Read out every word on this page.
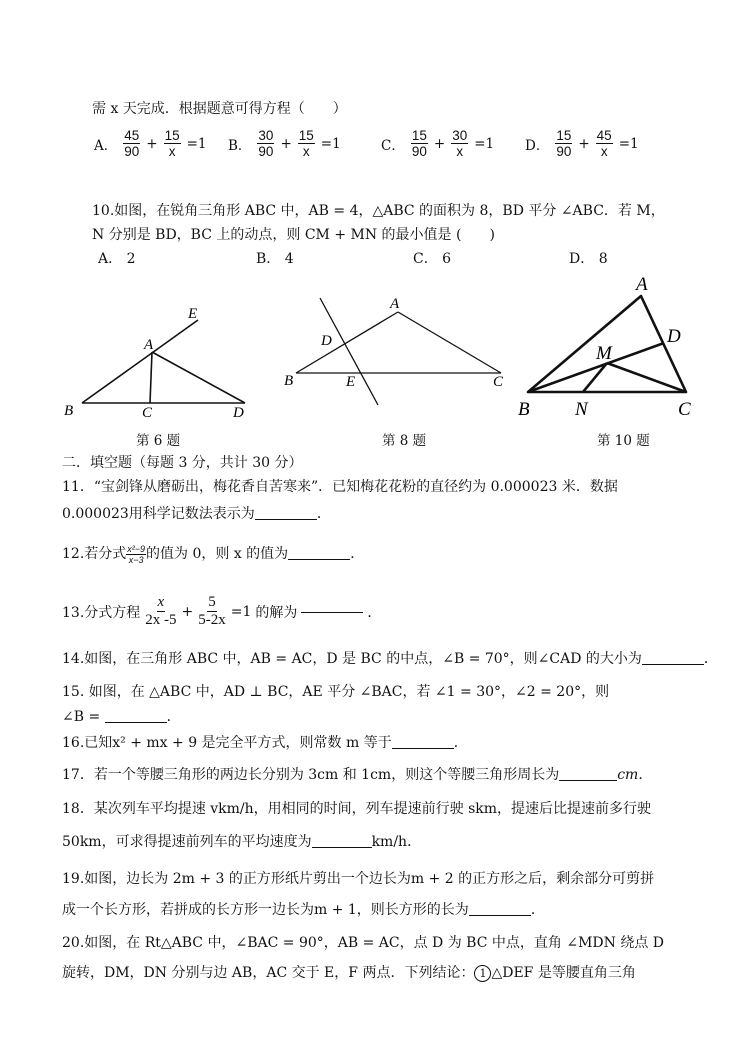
需 x 天完成．根据题意可得方程（　　）
A． $\frac{45}{90} + \frac{15}{x} =1$ B． $\frac{30}{90} + \frac{15}{x} =1$	C． $\frac{15}{90} + \frac{30}{x} =1$ D． $\frac{15}{90} + \frac{45}{x} =1$
10.如图，在锐角三角形 ABC 中，AB = 4，△ABC 的面积为 8，BD 平分 ∠ABC．若 M，
N 分别是 BD，BC 上的动点，则 CM + MN 的最小值是 (　　)
A． 2	B． 4	C． 6	D． 8
E
A
B	C	D
A
D
B	E	C
A
D
M
B N	C
第 6 题	第 8 题	第 10 题
二．填空题（每题 3 分，共计 30 分）
11．“宝剑锋从磨砺出，梅花香自苦寒来”．已知梅花花粉的直径约为 0.000023 米．数据
0.000023用科学记数法表示为	．
12.若分式 $\frac{\text{x²−9}}{x-3}$ 的值为 0，则 x 的值为	．
13.分式方程 $\frac{x}{2x -5} + \frac{5}{5-2x} =1$ 的解为	．
14.如图，在三角形 ABC 中，AB = AC，D 是 BC 的中点，∠B = 70°，则∠CAD 的大小为	．
15. 如图，在 △ABC 中，AD ⊥ BC，AE 平分 ∠BAC，若 ∠1 = 30°，∠2 = 20°，则
∠B =	．
16.已知x² + mx + 9 是完全平方式，则常数 m 等于	．
17．若一个等腰三角形的两边长分别为 3cm 和 1cm，则这个等腰三角形周长为	cm.
18．某次列车平均提速 vkm/h，用相同的时间，列车提速前行驶 skm，提速后比提速前多行驶
50km，可求得提速前列车的平均速度为	km/h．
19.如图，边长为 2m + 3 的正方形纸片剪出一个边长为m + 2 的正方形之后，剩余部分可剪拼
成一个长方形，若拼成的长方形一边长为m + 1，则长方形的长为	．
20.如图，在 Rt△ABC 中，∠BAC = 90°，AB = AC，点 D 为 BC 中点，直角 ∠MDN 绕点 D
旋转，DM，DN 分别与边 AB，AC 交于 E，F 两点．下列结论： 1 △DEF 是等腰直角三角
